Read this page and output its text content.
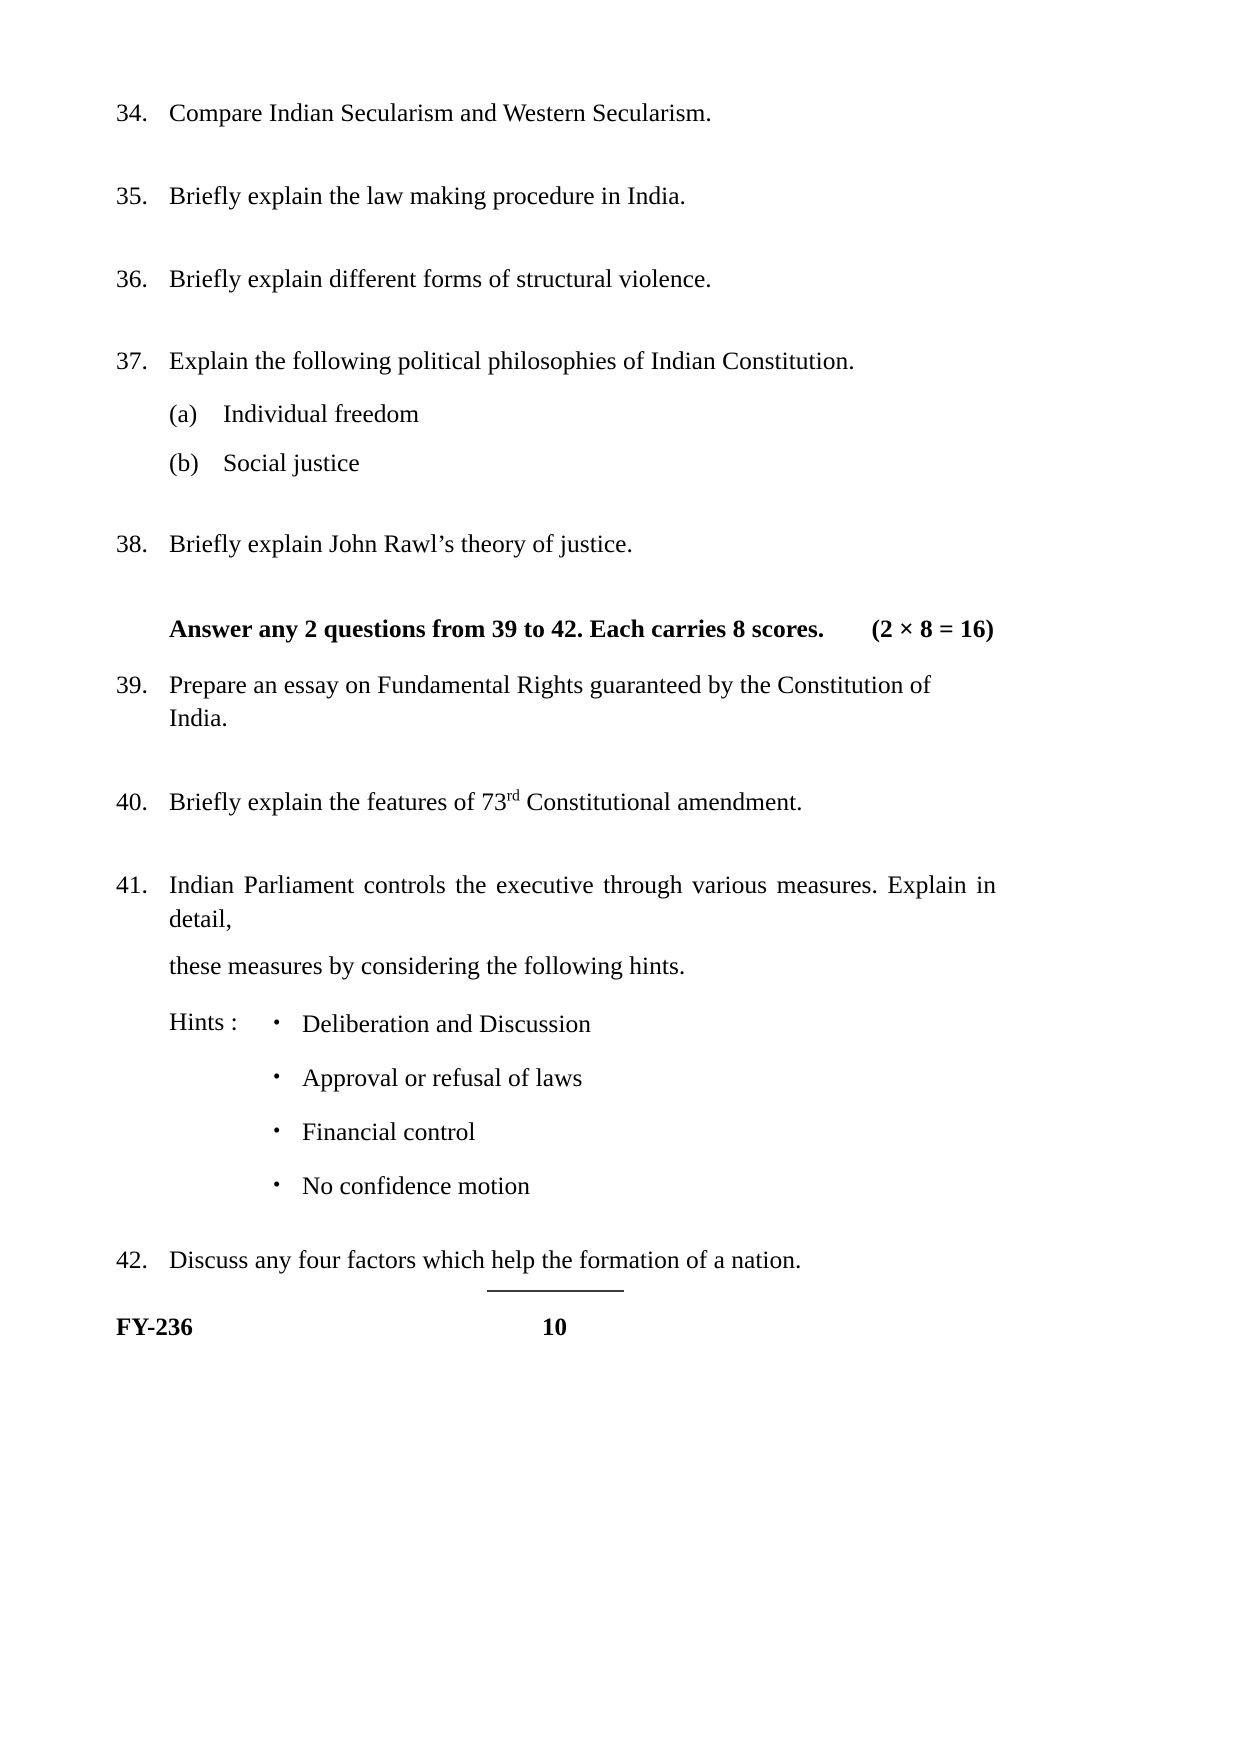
34. Compare Indian Secularism and Western Secularism.
35. Briefly explain the law making procedure in India.
36. Briefly explain different forms of structural violence.
37. Explain the following political philosophies of Indian Constitution.
(a)	Individual freedom
(b) Social justice
38. Briefly explain John Rawl’s theory of justice.
Answer any 2 questions from 39 to 42. Each carries 8 scores. (2 × 8 = 16)
39. Prepare an essay on Fundamental Rights guaranteed by the Constitution of India.
40. Briefly explain the features of 73rd Constitutional amendment.
41. Indian Parliament controls the executive through various measures. Explain in detail,
these measures by considering the following hints.
Hints :	• Deliberation and Discussion
• Approval or refusal of laws
• Financial control
• No confidence motion
42. Discuss any four factors which help the formation of a nation.
FY-236	10
